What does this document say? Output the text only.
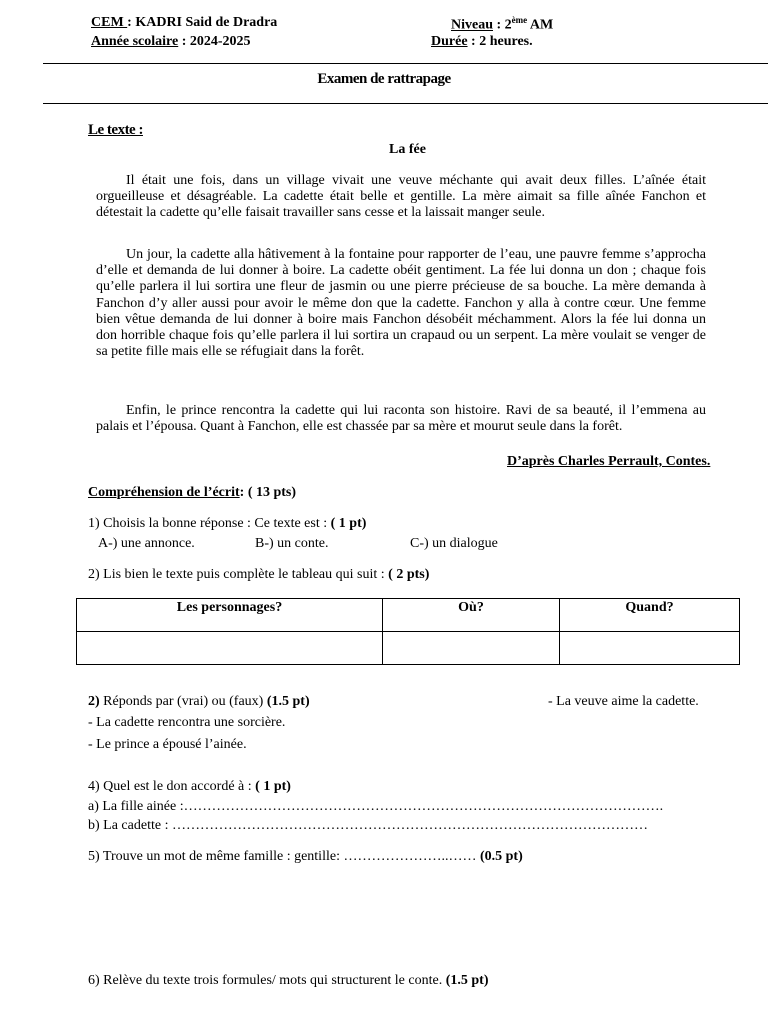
CEM : KADRI Said de Dradra	Niveau : 2ème AM
Année scolaire : 2024-2025	Durée : 2 heures.
Examen de rattrapage
Le texte :
La fée

Il était une fois, dans un village vivait une veuve méchante qui avait deux filles. L’aînée était orgueilleuse et désagréable. La cadette était belle et gentille. La mère aimait sa fille aînée Fanchon et détestait la cadette qu’elle faisait travailler sans cesse et la laissait manger seule.

Un jour, la cadette alla hâtivement à la fontaine pour rapporter de l’eau, une pauvre femme s’approcha d’elle et demanda de lui donner à boire. La cadette obéit gentiment. La fée lui donna un don ; chaque fois qu’elle parlera il lui sortira une fleur de jasmin ou une pierre précieuse de sa bouche. La mère demanda à Fanchon d’y aller aussi pour avoir le même don que la cadette. Fanchon y alla à contre cœur. Une femme bien vêtue demanda de lui donner à boire mais Fanchon désobéit méchamment. Alors la fée lui donna un don horrible chaque fois qu’elle parlera il lui sortira un crapaud ou un serpent. La mère voulait se venger de sa petite fille mais elle se réfugiait dans la forêt.

Enfin, le prince rencontra la cadette qui lui raconta son histoire. Ravi de sa beauté, il l’emmena au palais et l’épousa. Quant à Fanchon, elle est chassée par sa mère et mourut seule dans la forêt.

D’après Charles Perrault, Contes.
Compréhension de l’écrit: ( 13 pts)
1) Choisis la bonne réponse : Ce texte est : ( 1 pt)
A-) une annonce.	B-) un conte.	C-) un dialogue
2) Lis bien le texte puis complète le tableau qui suit : ( 2 pts)
Les personnages?	Où?	Quand?

2) Réponds par (vrai) ou (faux) (1.5 pt)	- La veuve aime la cadette.
- La cadette rencontra une sorcière.
- Le prince a épousé l’ainée.
4) Quel est le don accordé à : ( 1 pt)
a) La fille ainée :………………………………………………………………………………………….
b) La cadette : …………………………………………………………………………………………
5) Trouve un mot de même famille : gentille: …………………..…… (0.5 pt)
6) Relève du texte trois formules/ mots qui structurent le conte. (1.5 pt)
